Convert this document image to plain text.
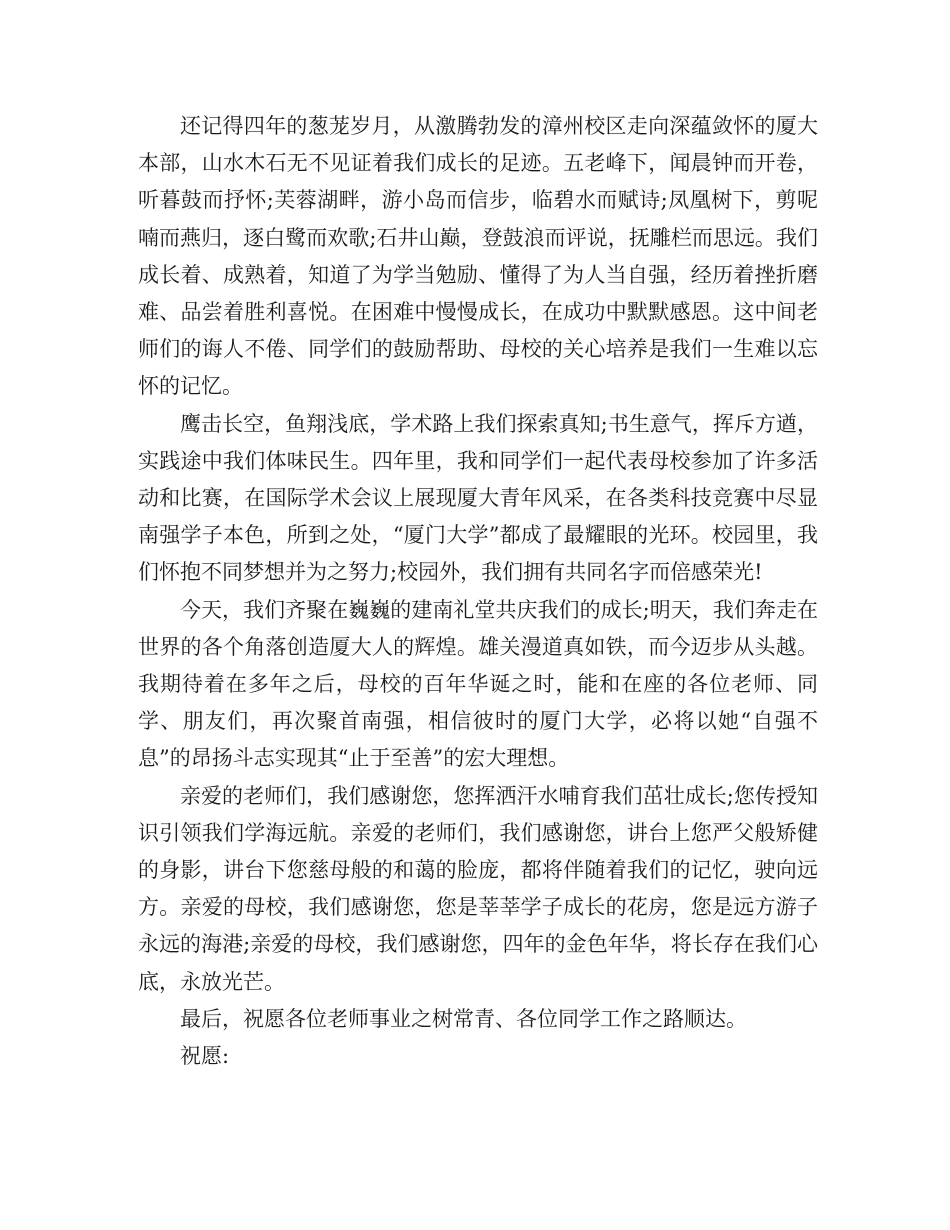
还记得四年的葱茏岁月，从激腾勃发的漳州校区走向深蕴敛怀的厦大本部，山水木石无不见证着我们成长的足迹。五老峰下，闻晨钟而开卷，听暮鼓而抒怀;芙蓉湖畔，游小岛而信步，临碧水而赋诗;凤凰树下，剪呢喃而燕归，逐白鹭而欢歌;石井山巅，登鼓浪而评说，抚雕栏而思远。我们成长着、成熟着，知道了为学当勉励、懂得了为人当自强，经历着挫折磨难、品尝着胜利喜悦。在困难中慢慢成长，在成功中默默感恩。这中间老师们的诲人不倦、同学们的鼓励帮助、母校的关心培养是我们一生难以忘怀的记忆。

鹰击长空，鱼翔浅底，学术路上我们探索真知;书生意气，挥斥方遒，实践途中我们体味民生。四年里，我和同学们一起代表母校参加了许多活动和比赛，在国际学术会议上展现厦大青年风采，在各类科技竞赛中尽显南强学子本色，所到之处，“厦门大学”都成了最耀眼的光环。校园里，我们怀抱不同梦想并为之努力;校园外，我们拥有共同名字而倍感荣光!

今天，我们齐聚在巍巍的建南礼堂共庆我们的成长;明天，我们奔走在世界的各个角落创造厦大人的辉煌。雄关漫道真如铁，而今迈步从头越。我期待着在多年之后，母校的百年华诞之时，能和在座的各位老师、同学、朋友们，再次聚首南强，相信彼时的厦门大学，必将以她“自强不息”的昂扬斗志实现其“止于至善”的宏大理想。

亲爱的老师们，我们感谢您，您挥洒汗水哺育我们茁壮成长;您传授知识引领我们学海远航。亲爱的老师们，我们感谢您，讲台上您严父般矫健的身影，讲台下您慈母般的和蔼的脸庞，都将伴随着我们的记忆，驶向远方。亲爱的母校，我们感谢您，您是莘莘学子成长的花房，您是远方游子永远的海港;亲爱的母校，我们感谢您，四年的金色年华，将长存在我们心底，永放光芒。

最后，祝愿各位老师事业之树常青、各位同学工作之路顺达。

祝愿:
